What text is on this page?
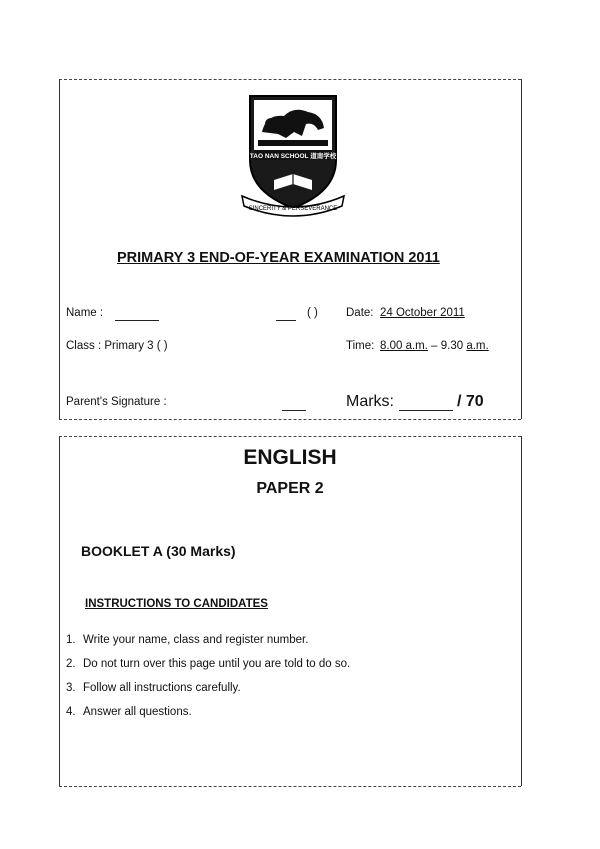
TAO NAN SCHOOL 道南学校
SINCERITY & PERSEVERANCE
PRIMARY 3 END-OF-YEAR EXAMINATION 2011
Name :	( ) Date: 24 October 2011
Class : Primary 3 ( )	Time: 8.00 a.m. – 9.30 a.m.
Parent's Signature :	Marks:	/ 70
ENGLISH
PAPER 2
BOOKLET A (30 Marks)
INSTRUCTIONS TO CANDIDATES
1. Write your name, class and register number.
2. Do not turn over this page until you are told to do so.
3. Follow all instructions carefully.
4. Answer all questions.
